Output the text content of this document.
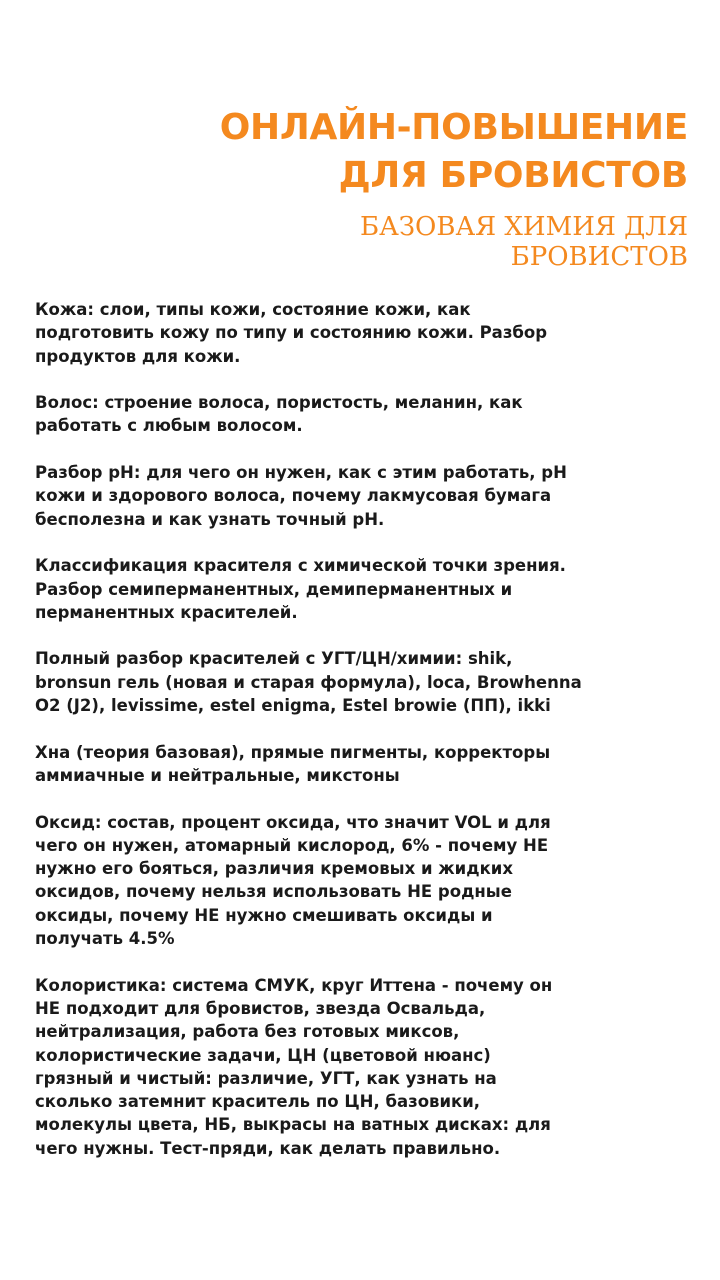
ОНЛАЙН-ПОВЫШЕНИЕ
ДЛЯ БРОВИСТОВ
БАЗОВАЯ ХИМИЯ ДЛЯ
БРОВИСТОВ
Кожа: слои, типы кожи, состояние кожи, как
подготовить кожу по типу и состоянию кожи. Разбор
продуктов для кожи.
Волос: строение волоса, пористость, меланин, как
работать с любым волосом.
Разбор pH: для чего он нужен, как с этим работать, pH
кожи и здорового волоса, почему лакмусовая бумага
бесполезна и как узнать точный pH.
Классификация красителя с химической точки зрения.
Разбор семиперманентных, демиперманентных и
перманентных красителей.
Полный разбор красителей с УГТ/ЦН/химии: shik,
bronsun гель (новая и старая формула), loca, Browhenna
O2 (J2), levissime, estel enigma, Estel browie (ПП), ikki
Хна (теория базовая), прямые пигменты, корректоры
аммиачные и нейтральные, микстоны
Оксид: состав, процент оксида, что значит VOL и для
чего он нужен, атомарный кислород, 6% - почему НЕ
нужно его бояться, различия кремовых и жидких
оксидов, почему нельзя использовать НЕ родные
оксиды, почему НЕ нужно смешивать оксиды и
получать 4.5%
Колористика: система СМУК, круг Иттена - почему он
НЕ подходит для бровистов, звезда Освальда,
нейтрализация, работа без готовых миксов,
колористические задачи, ЦН (цветовой нюанс)
грязный и чистый: различие, УГТ, как узнать на
сколько затемнит краситель по ЦН, базовики,
молекулы цвета, НБ, выкрасы на ватных дисках: для
чего нужны. Тест-пряди, как делать правильно.
